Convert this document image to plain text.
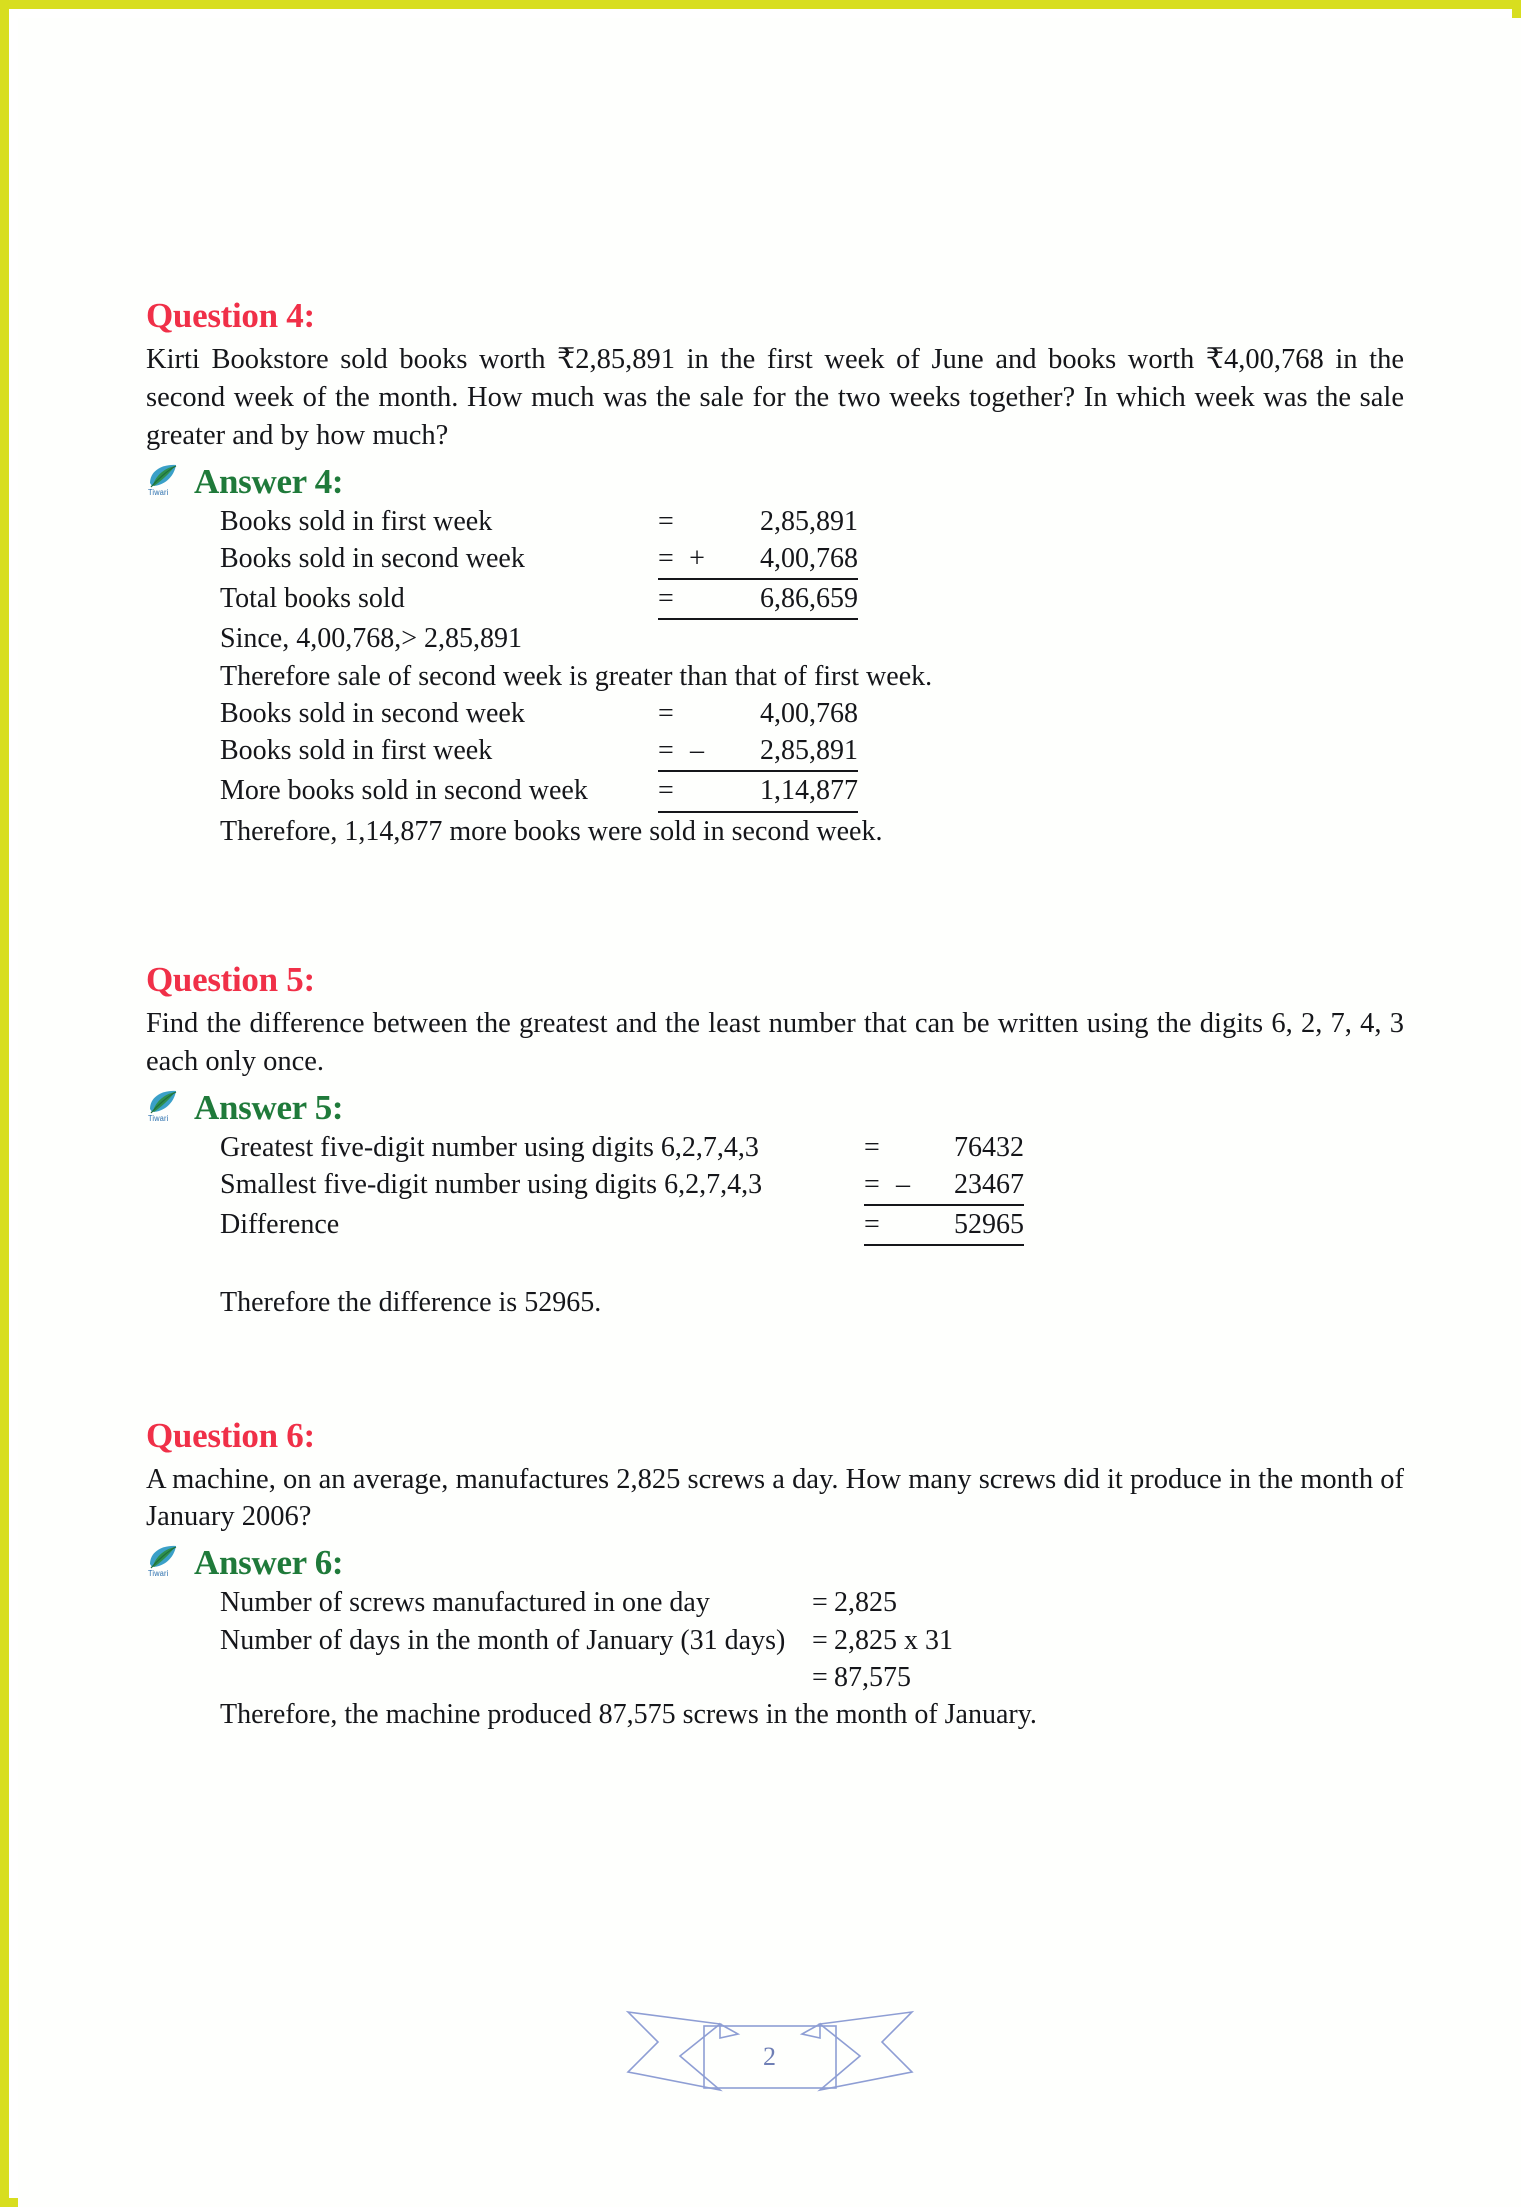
Question 4:
Kirti Bookstore sold books worth ₹2,85,891 in the first week of June and books worth ₹4,00,768 in the second week of the month. How much was the sale for the two weeks together? In which week was the sale greater and by how much?
Tiwari Answer 4:
Books sold in first week	=	2,85,891
Books sold in second week	= +	4,00,768
Total books sold	=	6,86,659
Since, 4,00,768,> 2,85,891
Therefore sale of second week is greater than that of first week.
Books sold in second week	=	4,00,768
Books sold in first week	= –	2,85,891
More books sold in second week	=	1,14,877
Therefore, 1,14,877 more books were sold in second week.
Question 5:
Find the difference between the greatest and the least number that can be written using the digits 6, 2, 7, 4, 3 each only once.
Tiwari Answer 5:
Greatest five-digit number using digits 6,2,7,4,3	=	76432
Smallest five-digit number using digits 6,2,7,4,3	= –	23467
Difference	=	52965
Therefore the difference is 52965.
Question 6:
A machine, on an average, manufactures 2,825 screws a day. How many screws did it produce in the month of January 2006?
Tiwari Answer 6:
Number of screws manufactured in one day	= 2,825
Number of days in the month of January (31 days) = 2,825 x 31
= 87,575
Therefore, the machine produced 87,575 screws in the month of January.
2
